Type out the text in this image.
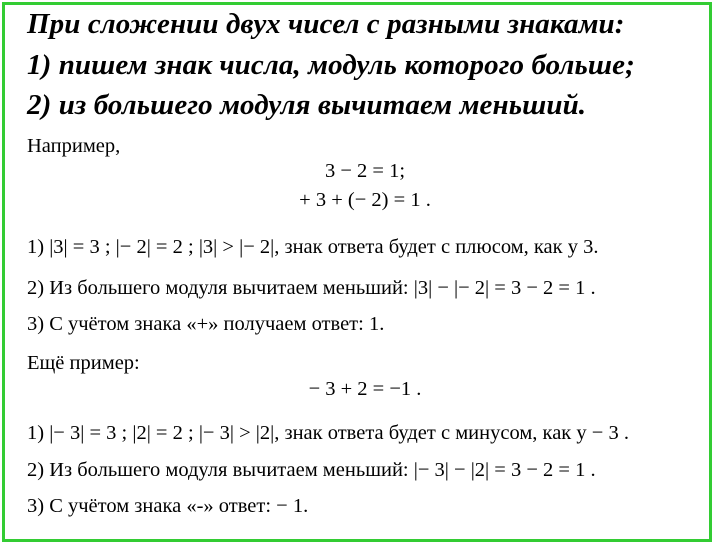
При сложении двух чисел с разными знаками:
1) пишем знак числа, модуль которого больше;
2) из большего модуля вычитаем меньший.
Например,
3 − 2 = 1;
+ 3 + (− 2) = 1 .
1) |3| = 3 ; |− 2| = 2 ; |3| > |− 2|, знак ответа будет с плюсом, как у 3.
2) Из большего модуля вычитаем меньший: |3| − |− 2| = 3 − 2 = 1 .
3) С учётом знака «+» получаем ответ: 1.
Ещё пример:
− 3 + 2 = −1 .
1) |− 3| = 3 ; |2| = 2 ; |− 3| > |2|, знак ответа будет с минусом, как у − 3 .
2) Из большего модуля вычитаем меньший: |− 3| − |2| = 3 − 2 = 1 .
3) С учётом знака «-» ответ: − 1.
